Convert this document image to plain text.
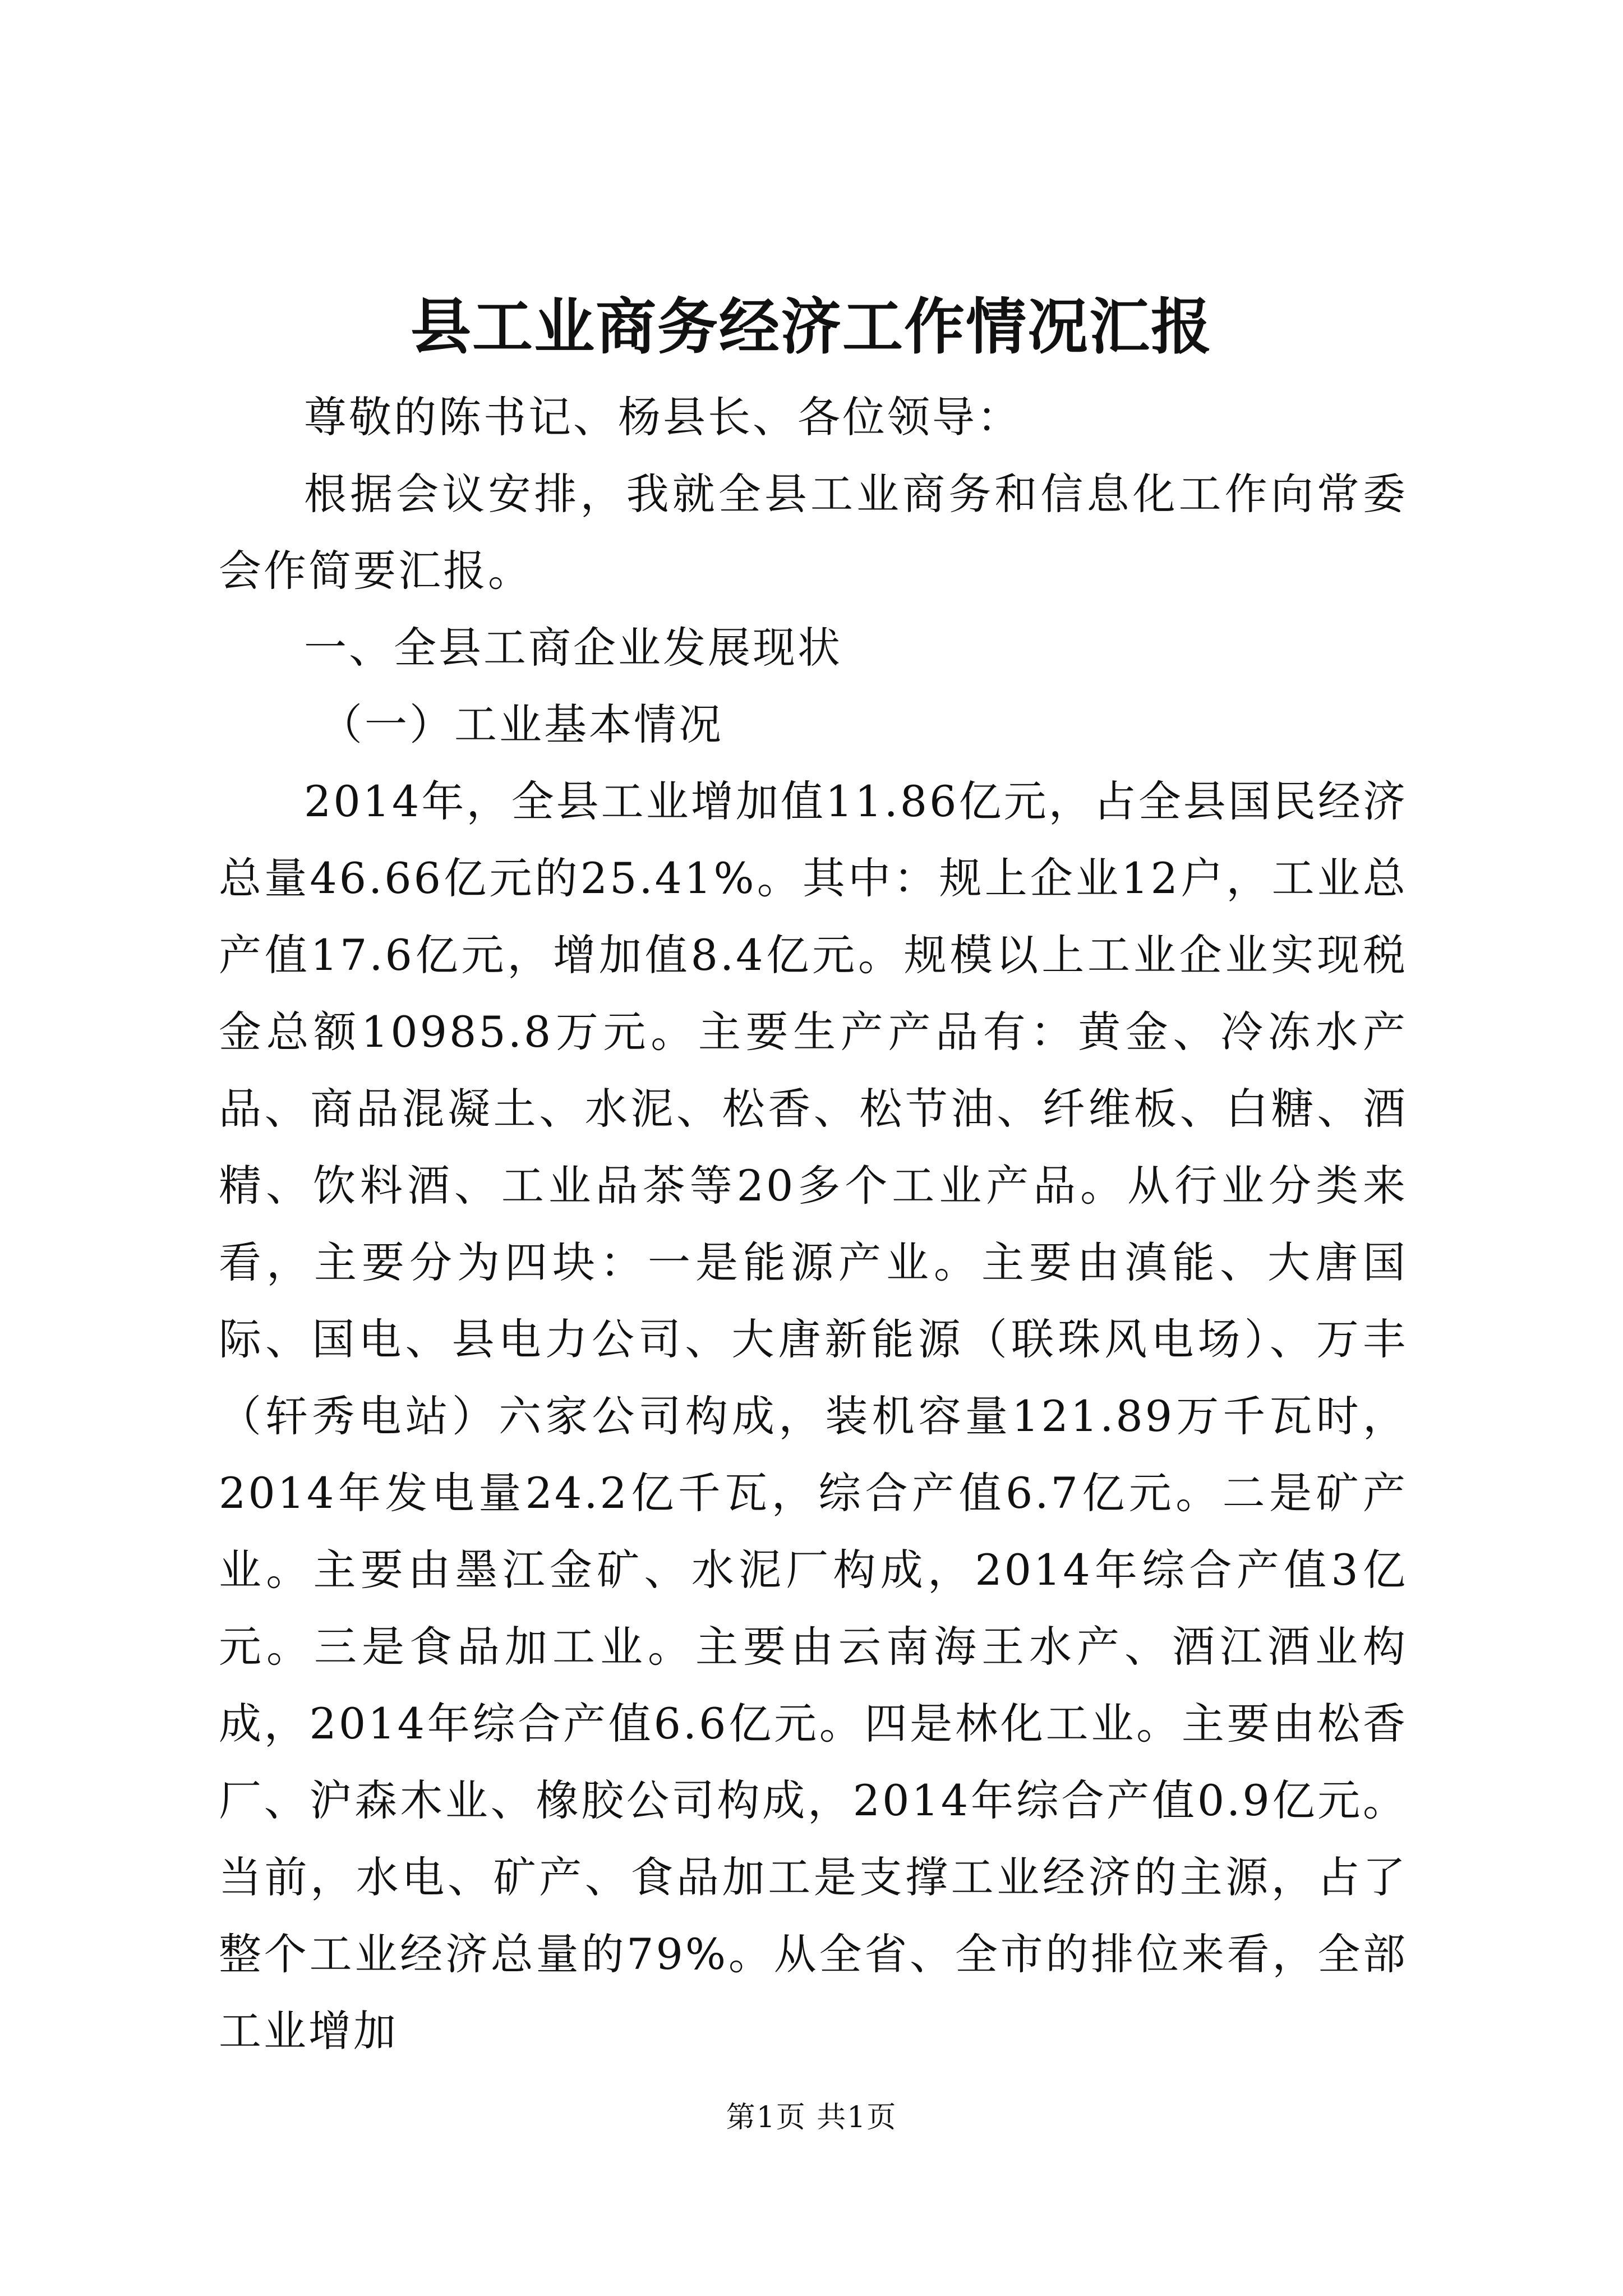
县工业商务经济工作情况汇报

尊敬的陈书记、杨县长、各位领导：

根据会议安排，我就全县工业商务和信息化工作向常委会作简要汇报。

一、全县工商企业发展现状

（一）工业基本情况

2014年，全县工业增加值11.86亿元，占全县国民经济总量46.66亿元的25.41%。其中：规上企业12户，工业总产值17.6亿元，增加值8.4亿元。规模以上工业企业实现税金总额10985.8万元。主要生产产品有：黄金、冷冻水产品、商品混凝土、水泥、松香、松节油、纤维板、白糖、酒精、饮料酒、工业品茶等20多个工业产品。从行业分类来看，主要分为四块：一是能源产业。主要由滇能、大唐国际、国电、县电力公司、大唐新能源（联珠风电场）、万丰（轩秀电站）六家公司构成，装机容量121.89万千瓦时，2014年发电量24.2亿千瓦，综合产值6.7亿元。二是矿产业。主要由墨江金矿、水泥厂构成，2014年综合产值3亿元。三是食品加工业。主要由云南海王水产、酒江酒业构成，2014年综合产值6.6亿元。四是林化工业。主要由松香厂、沪森木业、橡胶公司构成，2014年综合产值0.9亿元。当前，水电、矿产、食品加工是支撑工业经济的主源，占了整个工业经济总量的79%。从全省、全市的排位来看，全部工业增加

第1页 共1页
